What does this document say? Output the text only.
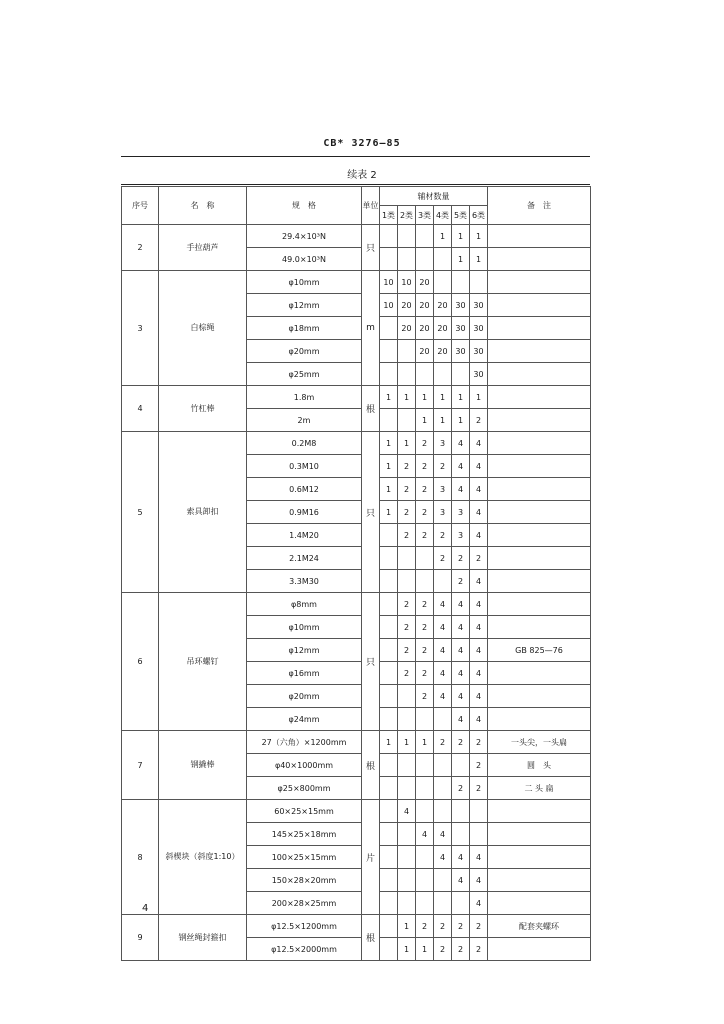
CB* 3276—85
续表 2
序号	名　称	规　格	单位	辅材数量						备　注
				1类	2类	3类	4类	5类	6类	
2	手拉葫芦	29.4×10³N	只				1	1	1	
		49.0×10³N						1	1	
3	白棕绳	φ10mm	m	10	10	20				
		φ12mm		10	20	20	20	30	30	
		φ18mm			20	20	20	30	30	
		φ20mm				20	20	30	30	
		φ25mm							30	
4	竹杠棒	1.8m	根	1	1	1	1	1	1	
		2m				1	1	1	2	
5	索具卸扣	0.2M8	只	1	1	2	3	4	4	
		0.3M10		1	2	2	2	4	4	
		0.6M12		1	2	2	3	4	4	
		0.9M16		1	2	2	3	3	4	
		1.4M20			2	2	2	3	4	
		2.1M24					2	2	2	
		3.3M30						2	4	
6	吊环螺钉	φ8mm	只		2	2	4	4	4	
		φ10mm			2	2	4	4	4	
		φ12mm			2	2	4	4	4	GB 825—76
		φ16mm			2	2	4	4	4	
		φ20mm				2	4	4	4	
		φ24mm						4	4	
7	钢撬棒	27（六角）×1200mm	根	1	1	1	2	2	2	一头尖，一头扁
		φ40×1000mm							2	圆　头
		φ25×800mm						2	2	二 头 扁
8	斜楔块（斜度1:10）	60×25×15mm	片		4					
		145×25×18mm				4	4			
		100×25×15mm					4	4	4	
		150×28×20mm						4	4	
		200×28×25mm							4	
9	钢丝绳封箍扣	φ12.5×1200mm	根		1	2	2	2	2	配套夹螺环
		φ12.5×2000mm			1	1	2	2	2	
4
